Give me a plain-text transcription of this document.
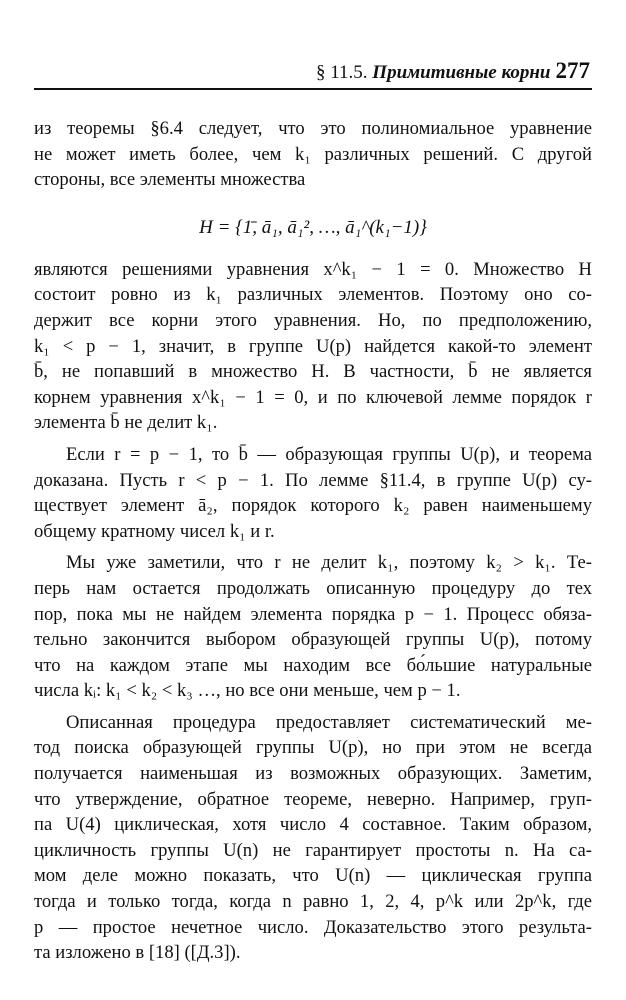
§ 11.5. Примитивные корни 277
из теоремы §6.4 следует, что это полиномиальное уравнение
не может иметь более, чем k₁ различных решений. С другой
стороны, все элементы множества
H = {1̄, ā₁, ā₁², …, ā₁^(k₁−1)}
являются решениями уравнения x^k₁ − 1 = 0. Множество H
состоит ровно из k₁ различных элементов. Поэтому оно со-
держит все корни этого уравнения. Но, по предположению,
k₁ < p − 1, значит, в группе U(p) найдется какой-то элемент
b̄, не попавший в множество H. В частности, b̄ не является
корнем уравнения x^k₁ − 1 = 0, и по ключевой лемме порядок r
элемента b̄ не делит k₁.
Если r = p − 1, то b̄ — образующая группы U(p), и теорема
доказана. Пусть r < p − 1. По лемме §11.4, в группе U(p) су-
ществует элемент ā₂, порядок которого k₂ равен наименьшему
общему кратному чисел k₁ и r.
Мы уже заметили, что r не делит k₁, поэтому k₂ > k₁. Те-
перь нам остается продолжать описанную процедуру до тех
пор, пока мы не найдем элемента порядка p − 1. Процесс обяза-
тельно закончится выбором образующей группы U(p), потому
что на каждом этапе мы находим все бо́льшие натуральные
числа kᵢ: k₁ < k₂ < k₃ …, но все они меньше, чем p − 1.
Описанная процедура предоставляет систематический ме-
тод поиска образующей группы U(p), но при этом не всегда
получается наименьшая из возможных образующих. Заметим,
что утверждение, обратное теореме, неверно. Например, груп-
па U(4) циклическая, хотя число 4 составное. Таким образом,
цикличность группы U(n) не гарантирует простоты n. На са-
мом деле можно показать, что U(n) — циклическая группа
тогда и только тогда, когда n равно 1, 2, 4, p^k или 2p^k, где
p — простое нечетное число. Доказательство этого результа-
та изложено в [18] ([Д.3]).
